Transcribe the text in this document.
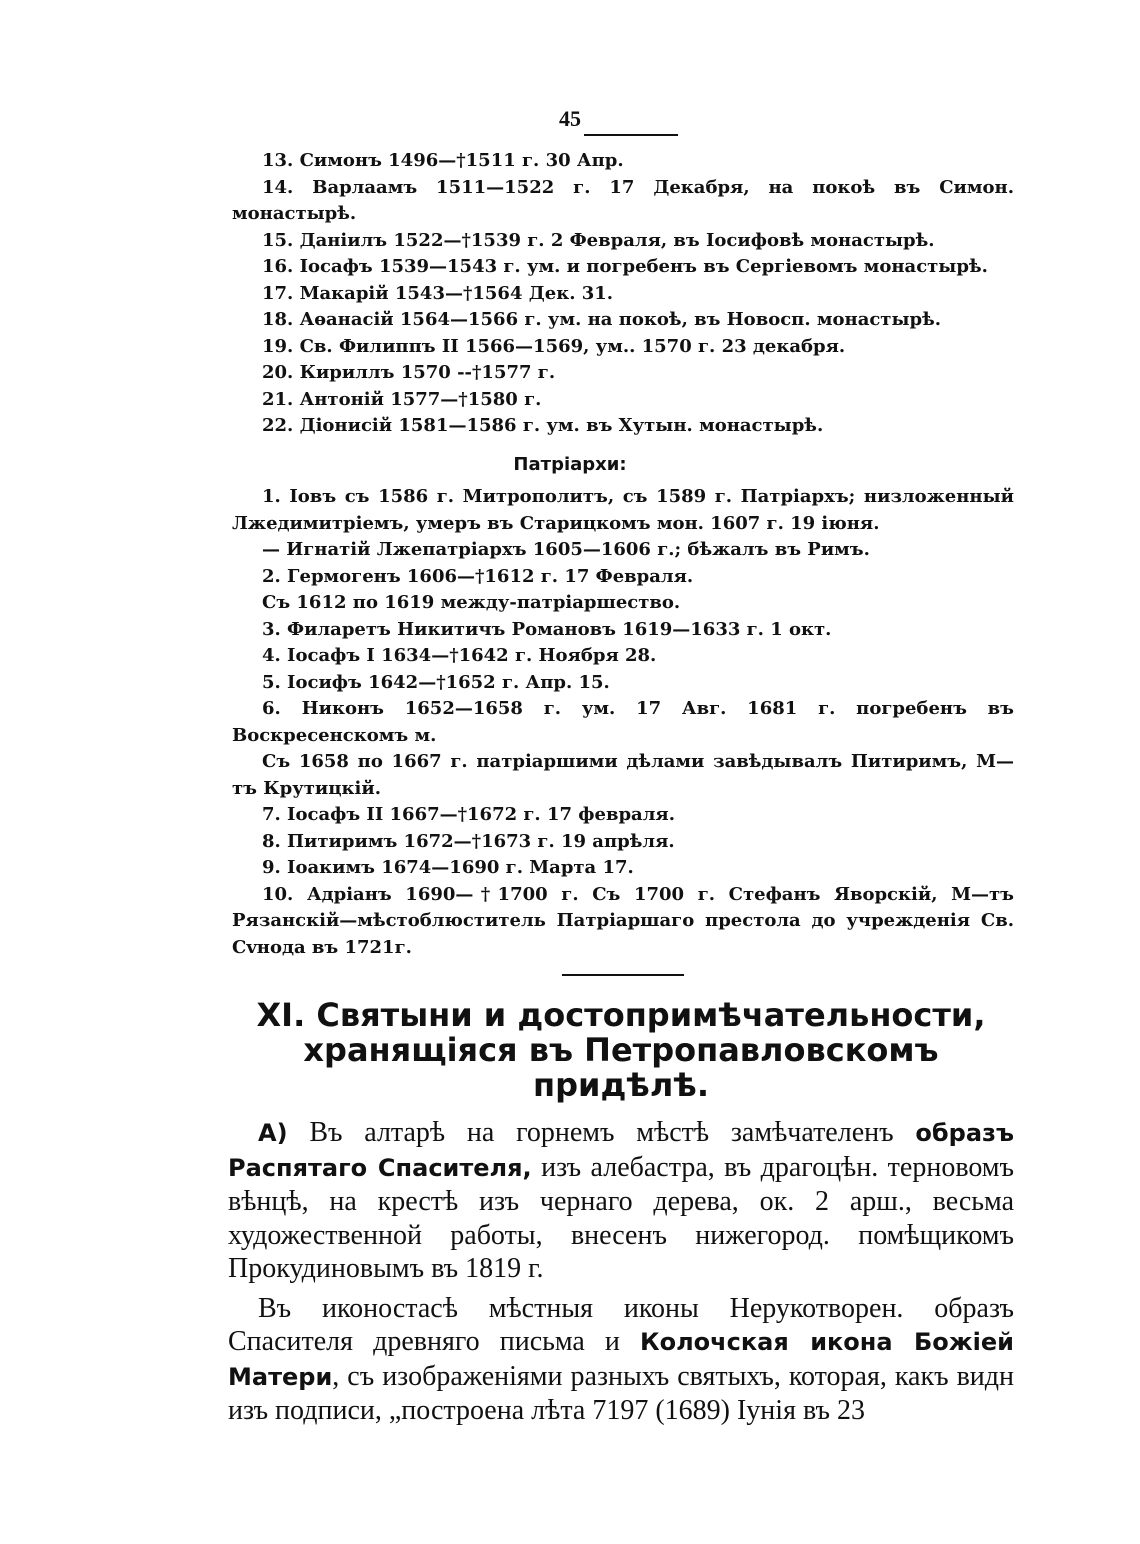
45

13. Симонъ 1496—†1511 г. 30 Апр.

14. Варлаамъ 1511—1522 г. 17 Декабря, на покоѣ въ Симон. монастырѣ.

15. Даніилъ 1522—†1539 г. 2 Февраля, въ Іосифовѣ монастырѣ.

16. Іосафъ 1539—1543 г. ум. и погребенъ въ Сергіевомъ монастырѣ.

17. Макарій 1543—†1564 Дек. 31.

18. Аѳанасій 1564—1566 г. ум. на покоѣ, въ Новосп. монастырѣ.

19. Св. Филиппъ II 1566—1569, ум.. 1570 г. 23 декабря.

20. Кириллъ 1570 --†1577 г.

21. Антоній 1577—†1580 г.

22. Діонисій 1581—1586 г. ум. въ Хутын. монастырѣ.

Патріархи:

1. Іовъ съ 1586 г. Митрополитъ, съ 1589 г. Патріархъ; низложенный Лжедимитріемъ, умеръ въ Старицкомъ мон. 1607 г. 19 іюня.

— Игнатій Лжепатріархъ 1605—1606 г.; бѣжалъ въ Римъ.

2. Гермогенъ 1606—†1612 г. 17 Февраля.

Съ 1612 по 1619 между-патріаршество.

3. Филаретъ Никитичъ Романовъ 1619—1633 г. 1 окт.

4. Іосафъ I 1634—†1642 г. Ноября 28.

5. Іосифъ 1642—†1652 г. Апр. 15.

6. Никонъ 1652—1658 г. ум. 17 Авг. 1681 г. погребенъ въ Воскресенскомъ м.

Съ 1658 по 1667 г. патріаршими дѣлами завѣдывалъ Питиримъ, М—тъ Крутицкій.

7. Іосафъ II 1667—†1672 г. 17 февраля.

8. Питиримъ 1672—†1673 г. 19 апрѣля.

9. Іоакимъ 1674—1690 г. Марта 17.

10. Адріанъ 1690—†1700 г. Съ 1700 г. Стефанъ Яворскій, М—тъ Рязанскій—мѣстоблюститель Патріаршаго престола до учрежденія Св. Сvнода въ 1721г.

XI. Святыни и достопримѣчательности, хранящіяся въ Петропавловскомъ придѣлѣ.

А) Въ алтарѣ на горнемъ мѣстѣ замѣчателенъ образъ Распятаго Спасителя, изъ алебастра, въ драгоцѣн. терновомъ вѣнцѣ, на крестѣ изъ чернаго дерева, ок. 2 арш., весьма художественной работы, внесенъ нижегород. помѣщикомъ Прокудиновымъ въ 1819 г.

Въ иконостасѣ мѣстныя иконы Нерукотворен. образъ Спасителя древняго письма и Колочская икона Божіей Матери, съ изображеніями разныхъ святыхъ, которая, какъ видн изъ подписи, „построена лѣта 7197 (1689) Іунія въ 23
